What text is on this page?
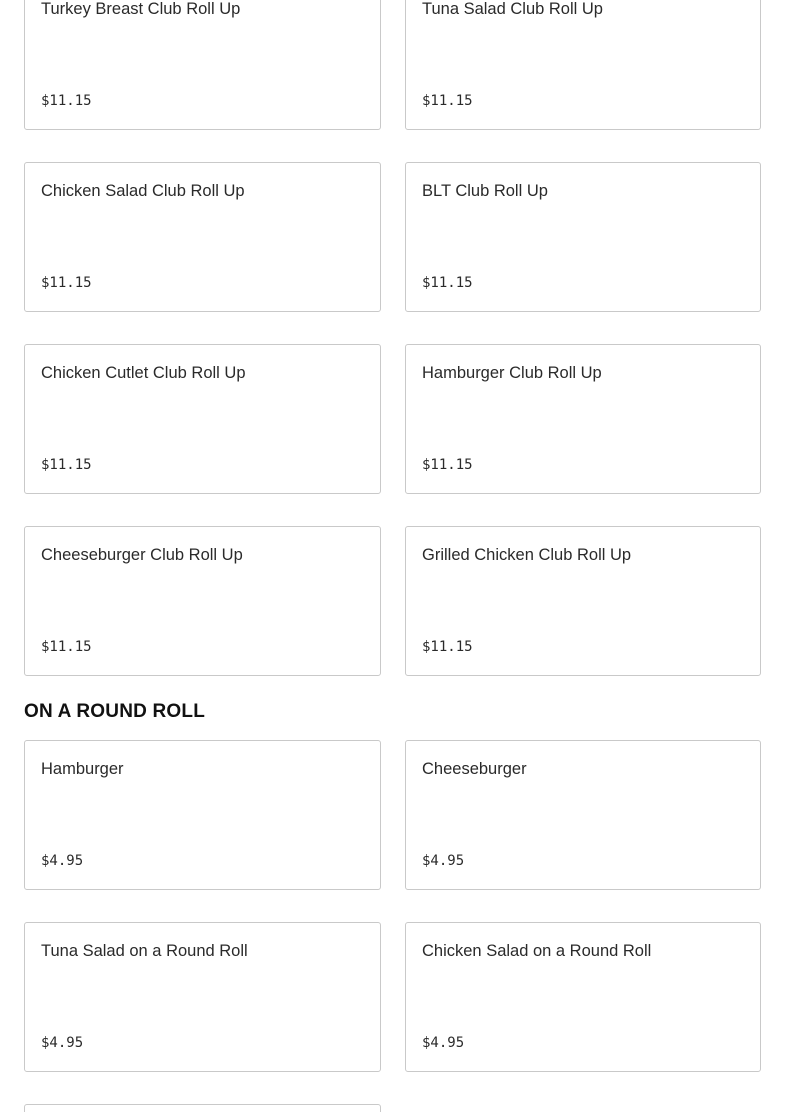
Turkey Breast Club Roll Up
$11.15
Tuna Salad Club Roll Up
$11.15
Chicken Salad Club Roll Up
$11.15
BLT Club Roll Up
$11.15
Chicken Cutlet Club Roll Up
$11.15
Hamburger Club Roll Up
$11.15
Cheeseburger Club Roll Up
$11.15
Grilled Chicken Club Roll Up
$11.15
ON A ROUND ROLL
Hamburger
$4.95
Cheeseburger
$4.95
Tuna Salad on a Round Roll
$4.95
Chicken Salad on a Round Roll
$4.95
